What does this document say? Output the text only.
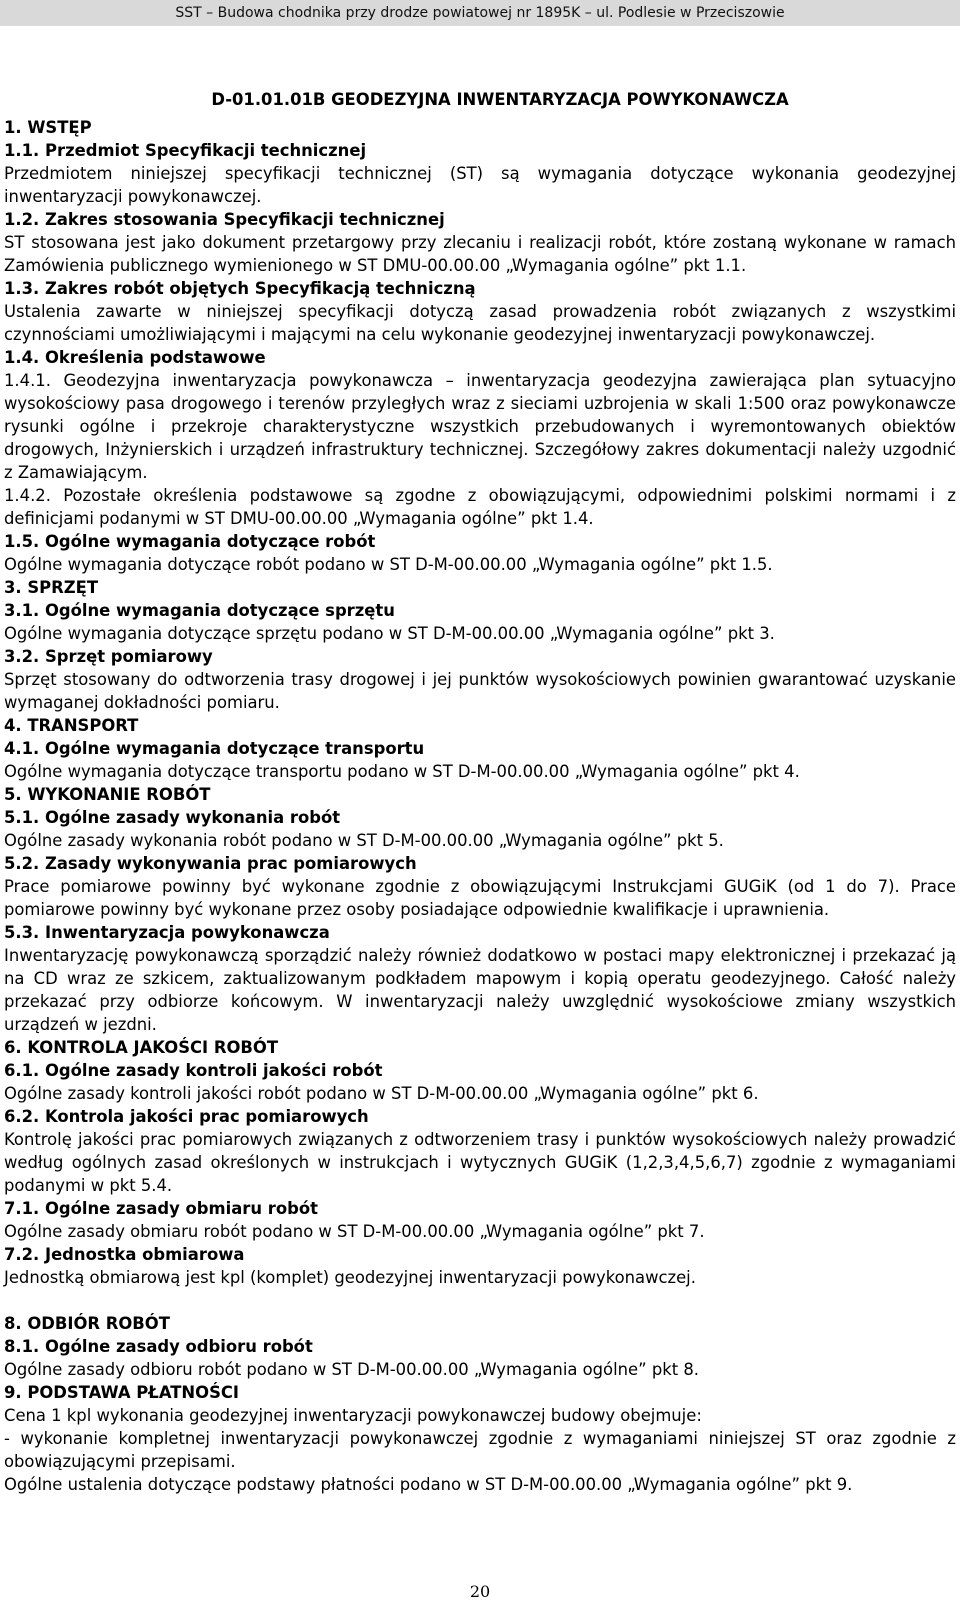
SST – Budowa chodnika przy drodze powiatowej nr 1895K – ul. Podlesie w Przeciszowie
D-01.01.01B GEODEZYJNA INWENTARYZACJA POWYKONAWCZA
1. WSTĘP
1.1. Przedmiot Specyfikacji technicznej
Przedmiotem niniejszej specyfikacji technicznej (ST) są wymagania dotyczące wykonania geodezyjnej inwentaryzacji powykonawczej.
1.2. Zakres stosowania Specyfikacji technicznej
ST stosowana jest jako dokument przetargowy przy zlecaniu i realizacji robót, które zostaną wykonane w ramach Zamówienia publicznego wymienionego w ST DMU-00.00.00 „Wymagania ogólne” pkt 1.1.
1.3. Zakres robót objętych Specyfikacją techniczną
Ustalenia zawarte w niniejszej specyfikacji dotyczą zasad prowadzenia robót związanych z wszystkimi czynnościami umożliwiającymi i mającymi na celu wykonanie geodezyjnej inwentaryzacji powykonawczej.
1.4. Określenia podstawowe
1.4.1. Geodezyjna inwentaryzacja powykonawcza – inwentaryzacja geodezyjna zawierająca plan sytuacyjno wysokościowy pasa drogowego i terenów przyległych wraz z sieciami uzbrojenia w skali 1:500 oraz powykonawcze rysunki ogólne i przekroje charakterystyczne wszystkich przebudowanych i wyremontowanych obiektów drogowych, Inżynierskich i urządzeń infrastruktury technicznej. Szczegółowy zakres dokumentacji należy uzgodnić z Zamawiającym.
1.4.2. Pozostałe określenia podstawowe są zgodne z obowiązującymi, odpowiednimi polskimi normami i z definicjami podanymi w ST DMU-00.00.00 „Wymagania ogólne” pkt 1.4.
1.5. Ogólne wymagania dotyczące robót
Ogólne wymagania dotyczące robót podano w ST D-M-00.00.00 „Wymagania ogólne” pkt 1.5.
3. SPRZĘT
3.1. Ogólne wymagania dotyczące sprzętu
Ogólne wymagania dotyczące sprzętu podano w ST D-M-00.00.00 „Wymagania ogólne” pkt 3.
3.2. Sprzęt pomiarowy
Sprzęt stosowany do odtworzenia trasy drogowej i jej punktów wysokościowych powinien gwarantować uzyskanie wymaganej dokładności pomiaru.
4. TRANSPORT
4.1. Ogólne wymagania dotyczące transportu
Ogólne wymagania dotyczące transportu podano w ST D-M-00.00.00 „Wymagania ogólne” pkt 4.
5. WYKONANIE ROBÓT
5.1. Ogólne zasady wykonania robót
Ogólne zasady wykonania robót podano w ST D-M-00.00.00 „Wymagania ogólne” pkt 5.
5.2. Zasady wykonywania prac pomiarowych
Prace pomiarowe powinny być wykonane zgodnie z obowiązującymi Instrukcjami GUGiK (od 1 do 7). Prace pomiarowe powinny być wykonane przez osoby posiadające odpowiednie kwalifikacje i uprawnienia.
5.3. Inwentaryzacja powykonawcza
Inwentaryzację powykonawczą sporządzić należy również dodatkowo w postaci mapy elektronicznej i przekazać ją na CD wraz ze szkicem, zaktualizowanym podkładem mapowym i kopią operatu geodezyjnego. Całość należy przekazać przy odbiorze końcowym. W inwentaryzacji należy uwzględnić wysokościowe zmiany wszystkich urządzeń w jezdni.
6. KONTROLA JAKOŚCI ROBÓT
6.1. Ogólne zasady kontroli jakości robót
Ogólne zasady kontroli jakości robót podano w ST D-M-00.00.00 „Wymagania ogólne” pkt 6.
6.2. Kontrola jakości prac pomiarowych
Kontrolę jakości prac pomiarowych związanych z odtworzeniem trasy i punktów wysokościowych należy prowadzić według ogólnych zasad określonych w instrukcjach i wytycznych GUGiK (1,2,3,4,5,6,7) zgodnie z wymaganiami podanymi w pkt 5.4.
7.1. Ogólne zasady obmiaru robót
Ogólne zasady obmiaru robót podano w ST D-M-00.00.00 „Wymagania ogólne” pkt 7.
7.2. Jednostka obmiarowa
Jednostką obmiarową jest kpl (komplet) geodezyjnej inwentaryzacji powykonawczej.
8. ODBIÓR ROBÓT
8.1. Ogólne zasady odbioru robót
Ogólne zasady odbioru robót podano w ST D-M-00.00.00 „Wymagania ogólne” pkt 8.
9. PODSTAWA PŁATNOŚCI
Cena 1 kpl wykonania geodezyjnej inwentaryzacji powykonawczej budowy obejmuje:
- wykonanie kompletnej inwentaryzacji powykonawczej zgodnie z wymaganiami niniejszej ST oraz zgodnie z obowiązującymi przepisami.
Ogólne ustalenia dotyczące podstawy płatności podano w ST D-M-00.00.00 „Wymagania ogólne” pkt 9.
20
